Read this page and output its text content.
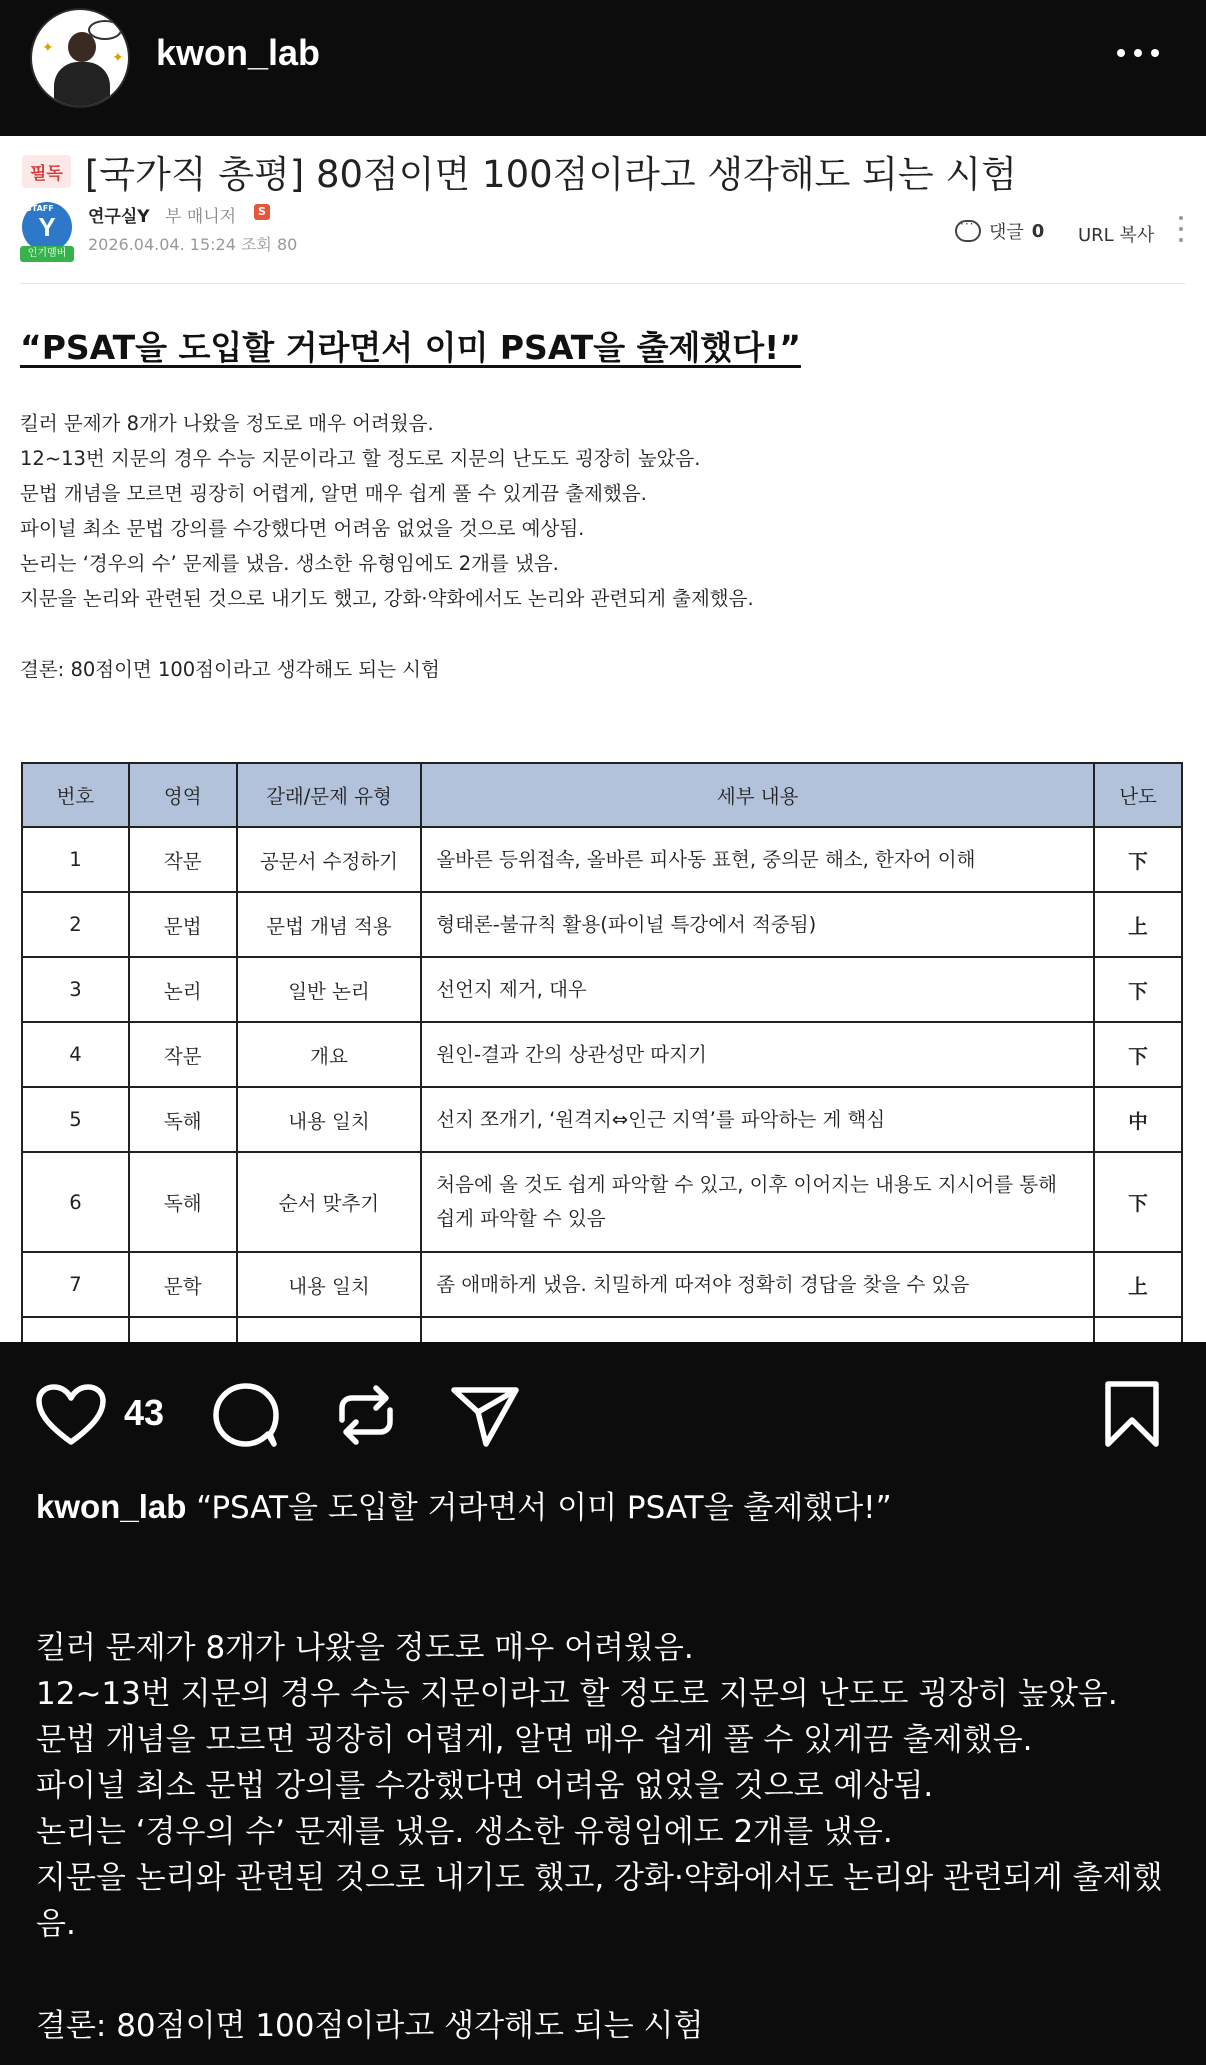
✦
✦ kwon_lab
필독 [국가직 총평] 80점이면 100점이라고 생각해도 되는 시험
Y
STAFF
인기멤버
연구실Y 부 매니저	S
2026.04.04. 15:24 조회 80
···
댓글 0 URL 복사
“PSAT을 도입할 거라면서 이미 PSAT을 출제했다!”
킬러 문제가 8개가 나왔을 정도로 매우 어려웠음.
12~13번 지문의 경우 수능 지문이라고 할 정도로 지문의 난도도 굉장히 높았음.
문법 개념을 모르면 굉장히 어렵게, 알면 매우 쉽게 풀 수 있게끔 출제했음.
파이널 최소 문법 강의를 수강했다면 어려움 없었을 것으로 예상됨.
논리는 ‘경우의 수’ 문제를 냈음. 생소한 유형임에도 2개를 냈음.
지문을 논리와 관련된 것으로 내기도 했고, 강화·약화에서도 논리와 관련되게 출제했음.
결론: 80점이면 100점이라고 생각해도 되는 시험
번호	영역	갈래/문제 유형	세부 내용	난도
1	작문	공문서 수정하기	올바른 등위접속, 올바른 피사동 표현, 중의문 해소, 한자어 이해	下
2	문법	문법 개념 적용	형태론-불규칙 활용(파이널 특강에서 적중됨)	上
3	논리	일반 논리	선언지 제거, 대우	下
4	작문	개요	원인-결과 간의 상관성만 따지기	下
5	독해	내용 일치	선지 쪼개기, ‘원격지⇔인근 지역’를 파악하는 게 핵심	中
6	독해	순서 맞추기	처음에 올 것도 쉽게 파악할 수 있고, 이후 이어지는 내용도 지시어를 통해 쉽게 파악할 수 있음	下
7	문학	내용 일치	좀 애매하게 냈음. 치밀하게 따져야 정확히 경답을 찾을 수 있음	上

43
kwon_lab “PSAT을 도입할 거라면서 이미 PSAT을 출제했다!”
킬러 문제가 8개가 나왔을 정도로 매우 어려웠음.
12~13번 지문의 경우 수능 지문이라고 할 정도로 지문의 난도도 굉장히 높았음.
문법 개념을 모르면 굉장히 어렵게, 알면 매우 쉽게 풀 수 있게끔 출제했음.
파이널 최소 문법 강의를 수강했다면 어려움 없었을 것으로 예상됨.
논리는 ‘경우의 수’ 문제를 냈음. 생소한 유형임에도 2개를 냈음.
지문을 논리와 관련된 것으로 내기도 했고, 강화·약화에서도 논리와 관련되게 출제했음.
결론: 80점이면 100점이라고 생각해도 되는 시험
